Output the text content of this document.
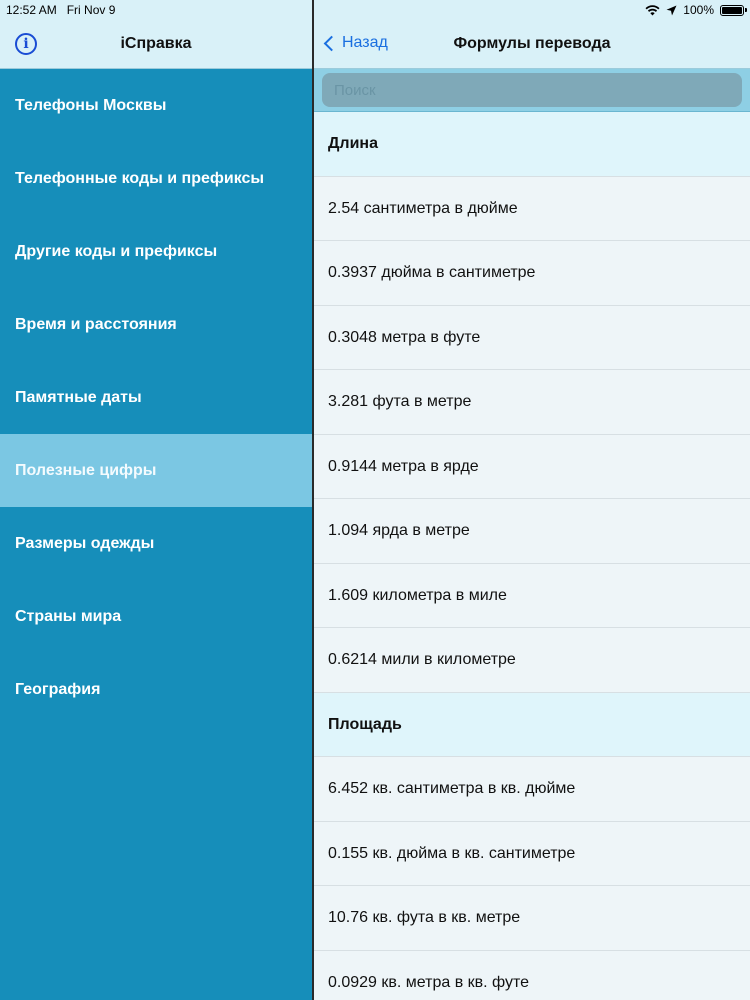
i	iСправка
Телефоны Москвы
Телефонные коды и префиксы
Другие коды и префиксы
Время и расстояния
Памятные даты
Полезные цифры
Размеры одежды
Страны мира
География
Назад	Формулы перевода
Поиск
Длина
2.54 сантиметра в дюйме
0.3937 дюйма в сантиметре
0.3048 метра в футе
3.281 фута в метре
0.9144 метра в ярде
1.094 ярда в метре
1.609 километра в миле
0.6214 мили в километре
Площадь
6.452 кв. сантиметра в кв. дюйме
0.155 кв. дюйма в кв. сантиметре
10.76 кв. фута в кв. метре
0.0929 кв. метра в кв. футе
12:52 AM Fri Nov 9	100%
